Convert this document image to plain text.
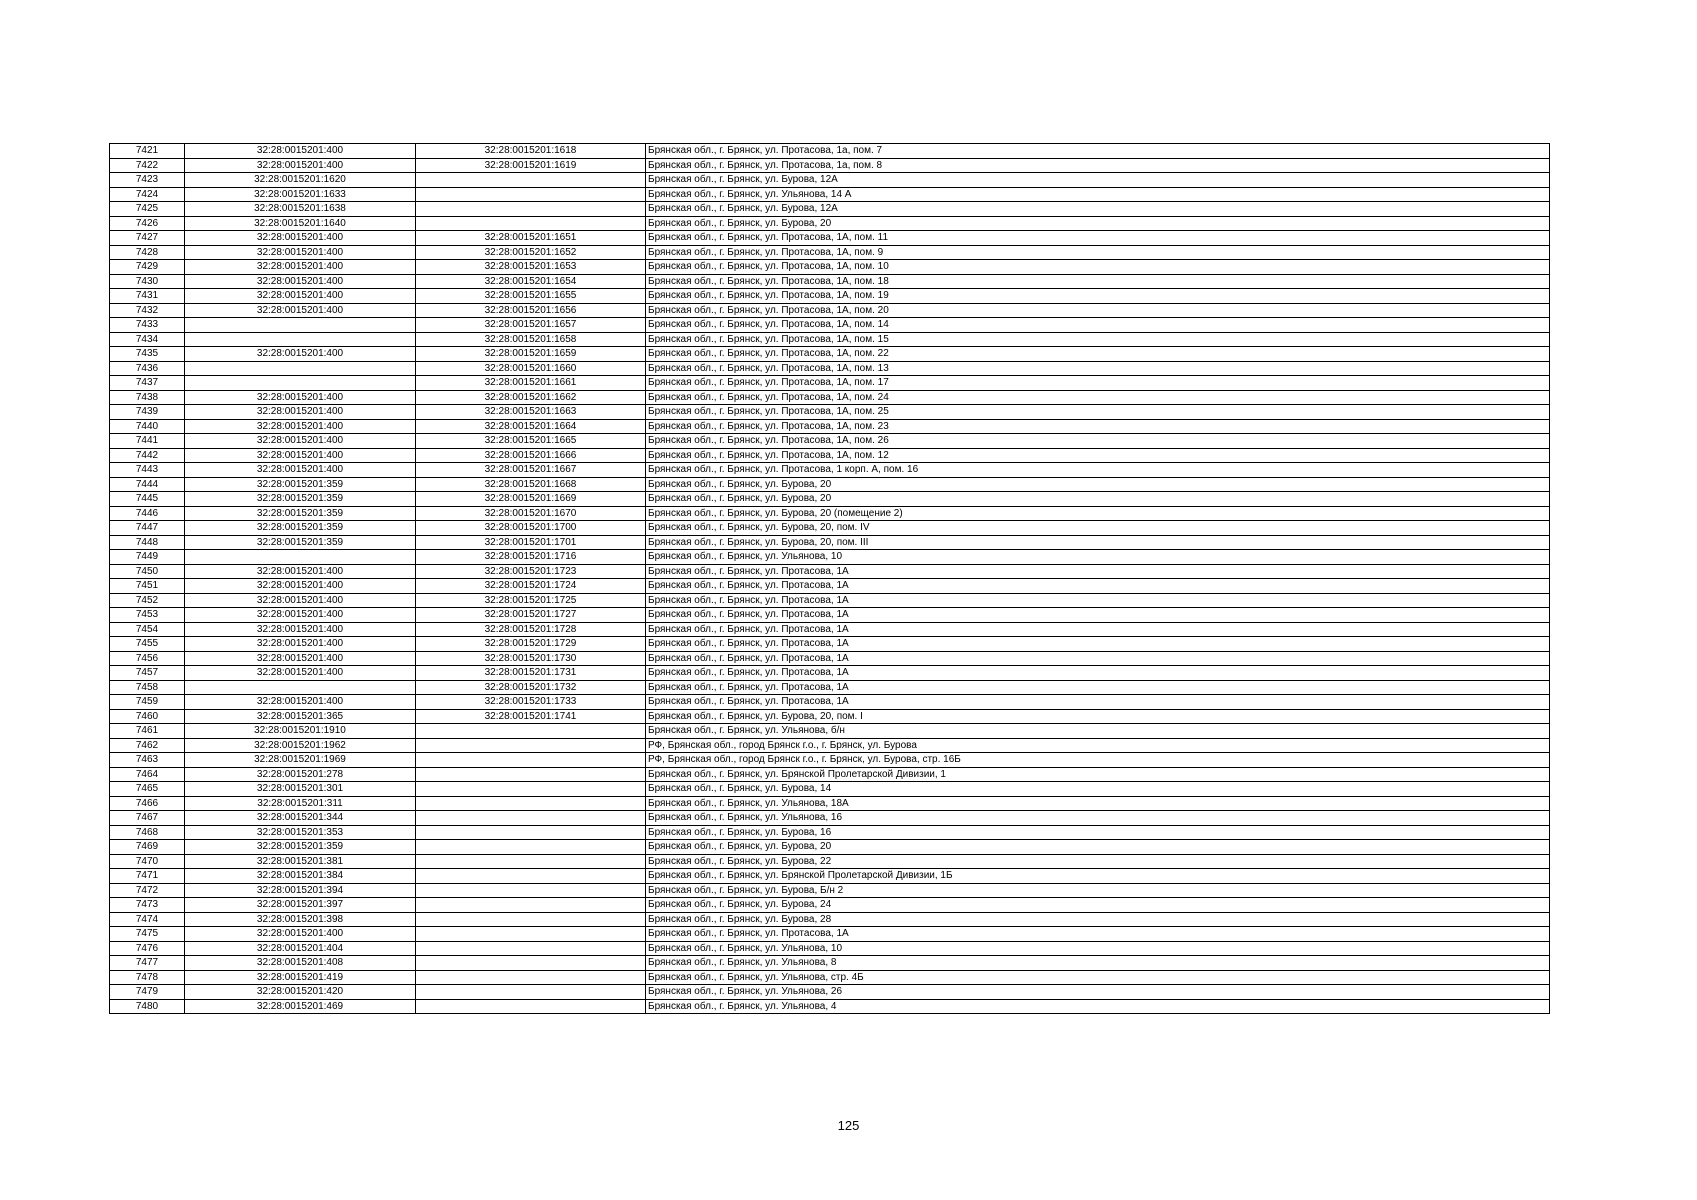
7421	32:28:0015201:400	32:28:0015201:1618	Брянская обл., г. Брянск, ул. Протасова, 1а, пом. 7
7422	32:28:0015201:400	32:28:0015201:1619	Брянская обл., г. Брянск, ул. Протасова, 1а, пом. 8
7423	32:28:0015201:1620		Брянская обл., г. Брянск, ул. Бурова, 12А
7424	32:28:0015201:1633		Брянская обл., г. Брянск, ул. Ульянова, 14 А
7425	32:28:0015201:1638		Брянская обл., г. Брянск, ул. Бурова, 12А
7426	32:28:0015201:1640		Брянская обл., г. Брянск, ул. Бурова, 20
7427	32:28:0015201:400	32:28:0015201:1651	Брянская обл., г. Брянск, ул. Протасова, 1А, пом. 11
7428	32:28:0015201:400	32:28:0015201:1652	Брянская обл., г. Брянск, ул. Протасова, 1А, пом. 9
7429	32:28:0015201:400	32:28:0015201:1653	Брянская обл., г. Брянск, ул. Протасова, 1А, пом. 10
7430	32:28:0015201:400	32:28:0015201:1654	Брянская обл., г. Брянск, ул. Протасова, 1А, пом. 18
7431	32:28:0015201:400	32:28:0015201:1655	Брянская обл., г. Брянск, ул. Протасова, 1А, пом. 19
7432	32:28:0015201:400	32:28:0015201:1656	Брянская обл., г. Брянск, ул. Протасова, 1А, пом. 20
7433		32:28:0015201:1657	Брянская обл., г. Брянск, ул. Протасова, 1А, пом. 14
7434		32:28:0015201:1658	Брянская обл., г. Брянск, ул. Протасова, 1А, пом. 15
7435	32:28:0015201:400	32:28:0015201:1659	Брянская обл., г. Брянск, ул. Протасова, 1А, пом. 22
7436		32:28:0015201:1660	Брянская обл., г. Брянск, ул. Протасова, 1А, пом. 13
7437		32:28:0015201:1661	Брянская обл., г. Брянск, ул. Протасова, 1А, пом. 17
7438	32:28:0015201:400	32:28:0015201:1662	Брянская обл., г. Брянск, ул. Протасова, 1А, пом. 24
7439	32:28:0015201:400	32:28:0015201:1663	Брянская обл., г. Брянск, ул. Протасова, 1А, пом. 25
7440	32:28:0015201:400	32:28:0015201:1664	Брянская обл., г. Брянск, ул. Протасова, 1А, пом. 23
7441	32:28:0015201:400	32:28:0015201:1665	Брянская обл., г. Брянск, ул. Протасова, 1А, пом. 26
7442	32:28:0015201:400	32:28:0015201:1666	Брянская обл., г. Брянск, ул. Протасова, 1А, пом. 12
7443	32:28:0015201:400	32:28:0015201:1667	Брянская обл., г. Брянск, ул. Протасова, 1 корп. А, пом. 16
7444	32:28:0015201:359	32:28:0015201:1668	Брянская обл., г. Брянск, ул. Бурова, 20
7445	32:28:0015201:359	32:28:0015201:1669	Брянская обл., г. Брянск, ул. Бурова, 20
7446	32:28:0015201:359	32:28:0015201:1670	Брянская обл., г. Брянск, ул. Бурова, 20 (помещение 2)
7447	32:28:0015201:359	32:28:0015201:1700	Брянская обл., г. Брянск, ул. Бурова, 20, пом. IV
7448	32:28:0015201:359	32:28:0015201:1701	Брянская обл., г. Брянск, ул. Бурова, 20, пом. III
7449		32:28:0015201:1716	Брянская обл., г. Брянск, ул. Ульянова, 10
7450	32:28:0015201:400	32:28:0015201:1723	Брянская обл., г. Брянск, ул. Протасова, 1А
7451	32:28:0015201:400	32:28:0015201:1724	Брянская обл., г. Брянск, ул. Протасова, 1А
7452	32:28:0015201:400	32:28:0015201:1725	Брянская обл., г. Брянск, ул. Протасова, 1А
7453	32:28:0015201:400	32:28:0015201:1727	Брянская обл., г. Брянск, ул. Протасова, 1А
7454	32:28:0015201:400	32:28:0015201:1728	Брянская обл., г. Брянск, ул. Протасова, 1А
7455	32:28:0015201:400	32:28:0015201:1729	Брянская обл., г. Брянск, ул. Протасова, 1А
7456	32:28:0015201:400	32:28:0015201:1730	Брянская обл., г. Брянск, ул. Протасова, 1А
7457	32:28:0015201:400	32:28:0015201:1731	Брянская обл., г. Брянск, ул. Протасова, 1А
7458		32:28:0015201:1732	Брянская обл., г. Брянск, ул. Протасова, 1А
7459	32:28:0015201:400	32:28:0015201:1733	Брянская обл., г. Брянск, ул. Протасова, 1А
7460	32:28:0015201:365	32:28:0015201:1741	Брянская обл., г. Брянск, ул. Бурова, 20, пом. I
7461	32:28:0015201:1910		Брянская обл., г. Брянск, ул. Ульянова, б/н
7462	32:28:0015201:1962		РФ, Брянская обл., город Брянск г.о., г. Брянск, ул. Бурова
7463	32:28:0015201:1969		РФ, Брянская обл., город Брянск г.о., г. Брянск, ул. Бурова, стр. 16Б
7464	32:28:0015201:278		Брянская обл., г. Брянск, ул. Брянской Пролетарской Дивизии, 1
7465	32:28:0015201:301		Брянская обл., г. Брянск, ул. Бурова, 14
7466	32:28:0015201:311		Брянская обл., г. Брянск, ул. Ульянова, 18А
7467	32:28:0015201:344		Брянская обл., г. Брянск, ул. Ульянова, 16
7468	32:28:0015201:353		Брянская обл., г. Брянск, ул. Бурова, 16
7469	32:28:0015201:359		Брянская обл., г. Брянск, ул. Бурова, 20
7470	32:28:0015201:381		Брянская обл., г. Брянск, ул. Бурова, 22
7471	32:28:0015201:384		Брянская обл., г. Брянск, ул. Брянской Пролетарской Дивизии, 1Б
7472	32:28:0015201:394		Брянская обл., г. Брянск, ул. Бурова, Б/н 2
7473	32:28:0015201:397		Брянская обл., г. Брянск, ул. Бурова, 24
7474	32:28:0015201:398		Брянская обл., г. Брянск, ул. Бурова, 28
7475	32:28:0015201:400		Брянская обл., г. Брянск, ул. Протасова, 1А
7476	32:28:0015201:404		Брянская обл., г. Брянск, ул. Ульянова, 10
7477	32:28:0015201:408		Брянская обл., г. Брянск, ул. Ульянова, 8
7478	32:28:0015201:419		Брянская обл., г. Брянск, ул. Ульянова, стр. 4Б
7479	32:28:0015201:420		Брянская обл., г. Брянск, ул. Ульянова, 26
7480	32:28:0015201:469		Брянская обл., г. Брянск, ул. Ульянова, 4
125
